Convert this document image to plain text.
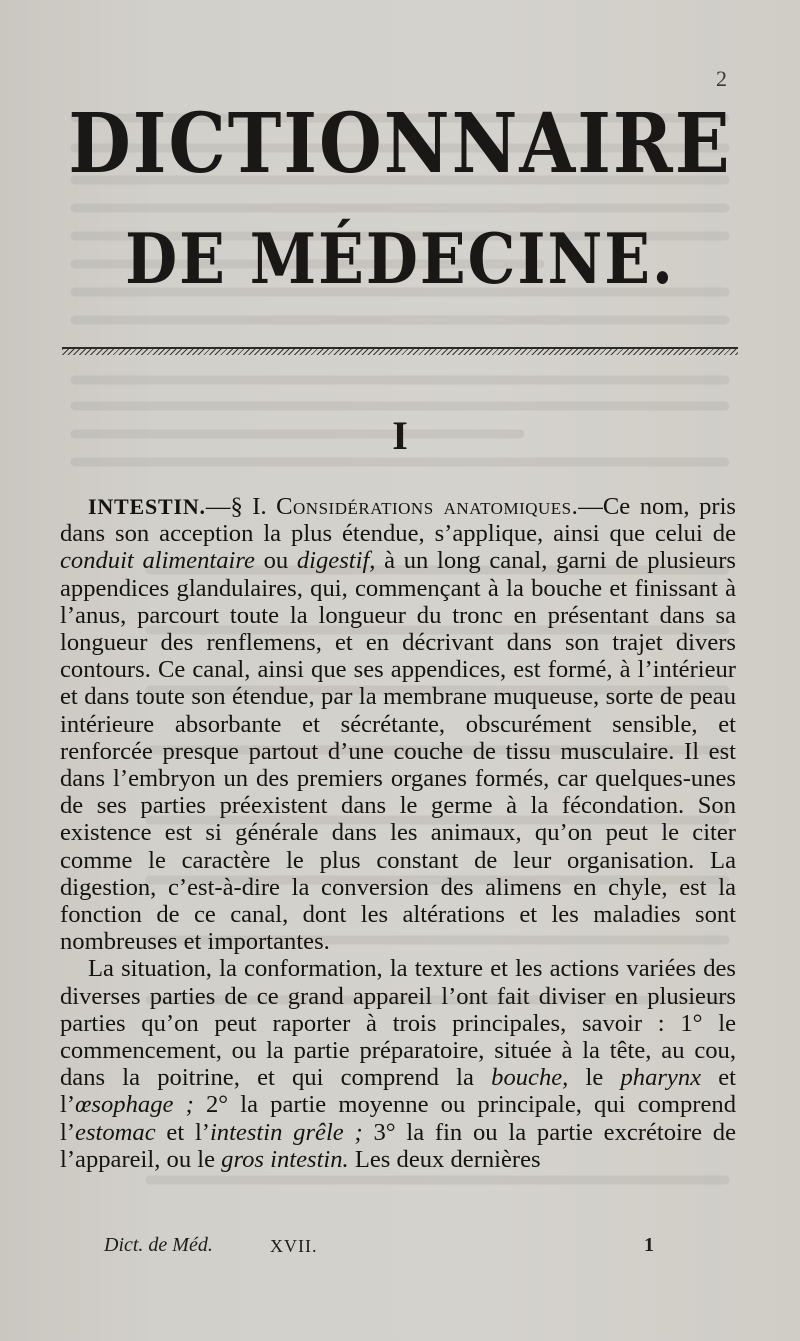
2
DICTIONNAIRE
DE MÉDECINE.
I

INTESTIN.—§ I. Considérations anatomiques.—Ce nom, pris dans son acception la plus étendue, s’applique, ainsi que celui de conduit alimentaire ou digestif, à un long canal, garni de plusieurs appendices glandulaires, qui, commençant à la bouche et finissant à l’anus, parcourt toute la longueur du tronc en présentant dans sa longueur des renflemens, et en décrivant dans son trajet divers contours. Ce canal, ainsi que ses appendices, est formé, à l’intérieur et dans toute son étendue, par la membrane muqueuse, sorte de peau intérieure absorbante et sécrétante, obscurément sensible, et renforcée presque partout d’une couche de tissu musculaire. Il est dans l’embryon un des premiers organes formés, car quelques-unes de ses parties préexistent dans le germe à la fécondation. Son existence est si générale dans les animaux, qu’on peut le citer comme le caractère le plus constant de leur organisation. La digestion, c’est-à-dire la conversion des alimens en chyle, est la fonction de ce canal, dont les altérations et les maladies sont nombreuses et importantes.

La situation, la conformation, la texture et les actions variées des diverses parties de ce grand appareil l’ont fait diviser en plusieurs parties qu’on peut raporter à trois principales, savoir : 1° le commencement, ou la partie préparatoire, située à la tête, au cou, dans la poitrine, et qui comprend la bouche, le pharynx et l’œsophage ; 2° la partie moyenne ou principale, qui comprend l’estomac et l’intestin grêle ; 3° la fin ou la partie excrétoire de l’appareil, ou le gros intestin. Les deux dernières

Dict. de Méd.	XVII.	1
